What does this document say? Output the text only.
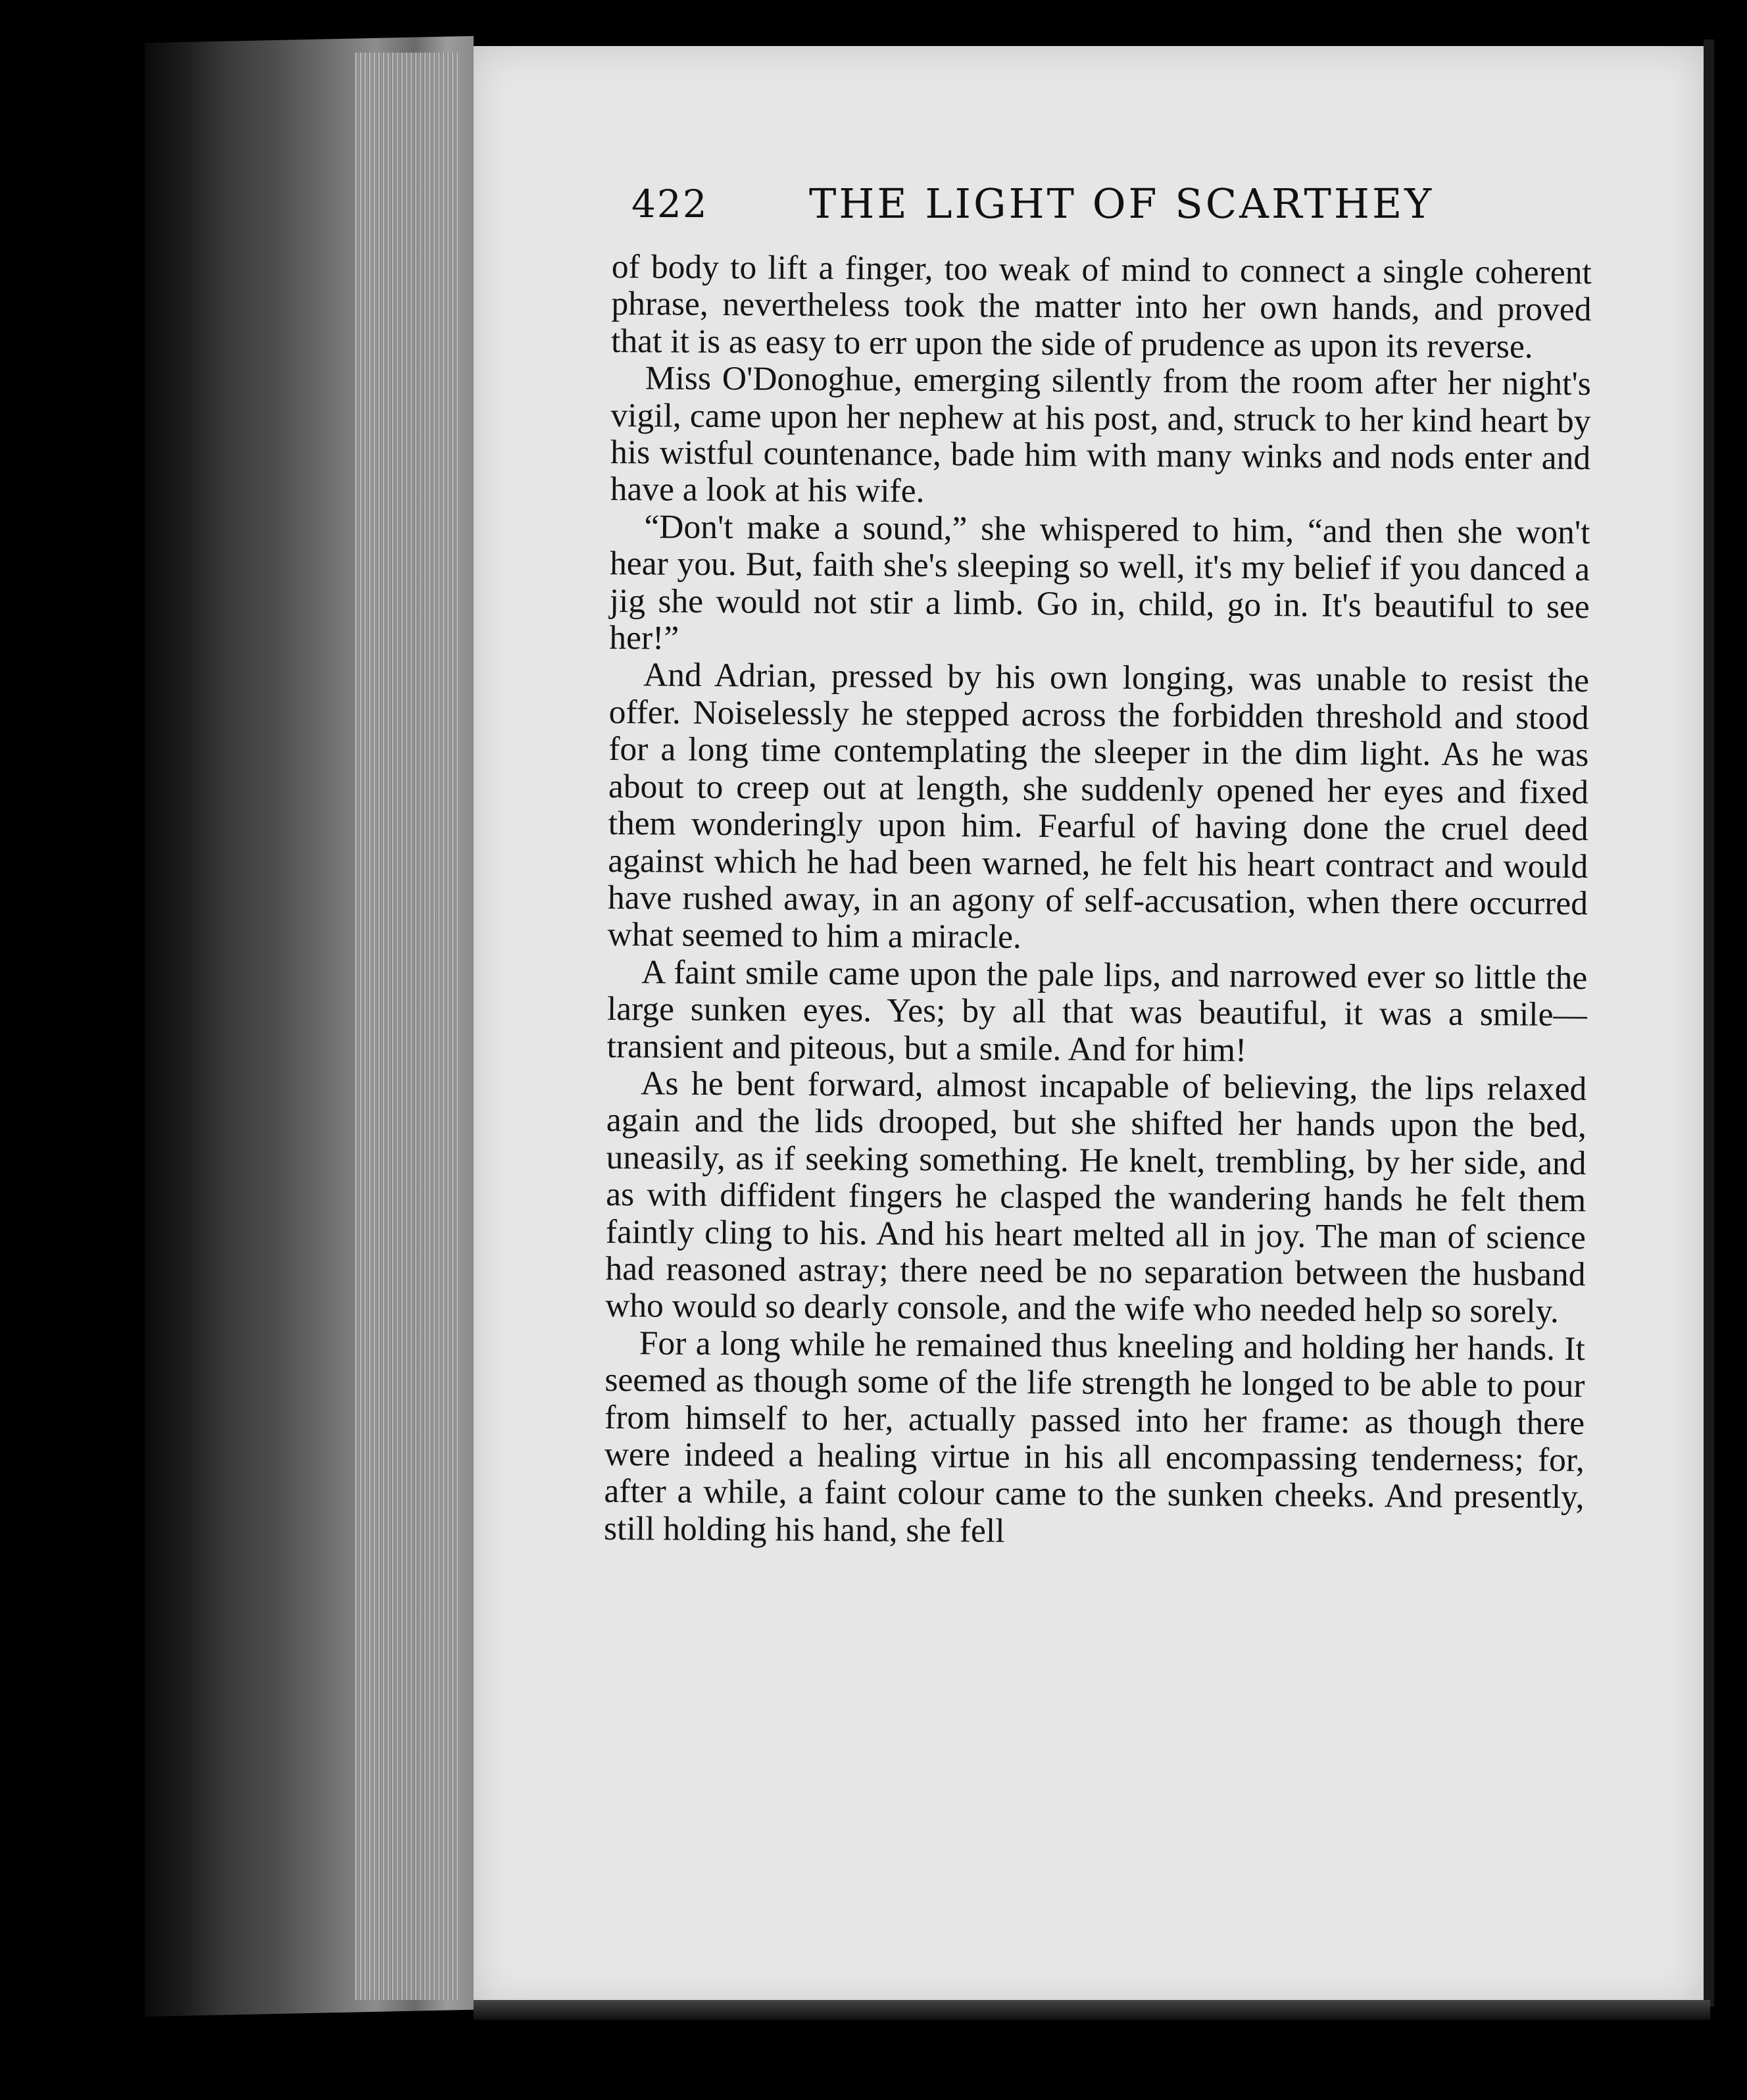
422 THE LIGHT OF SCARTHEY

of body to lift a finger, too weak of mind to connect a single coherent phrase, nevertheless took the matter into her own hands, and proved that it is as easy to err upon the side of prudence as upon its reverse.

Miss O'Donoghue, emerging silently from the room after her night's vigil, came upon her nephew at his post, and, struck to her kind heart by his wistful countenance, bade him with many winks and nods enter and have a look at his wife.

“Don't make a sound,” she whispered to him, “and then she won't hear you. But, faith she's sleeping so well, it's my belief if you danced a jig she would not stir a limb. Go in, child, go in. It's beautiful to see her!”

And Adrian, pressed by his own longing, was unable to resist the offer. Noiselessly he stepped across the forbidden threshold and stood for a long time contemplating the sleeper in the dim light. As he was about to creep out at length, she suddenly opened her eyes and fixed them wonderingly upon him. Fearful of having done the cruel deed against which he had been warned, he felt his heart contract and would have rushed away, in an agony of self-accusation, when there occurred what seemed to him a miracle.

A faint smile came upon the pale lips, and narrowed ever so little the large sunken eyes. Yes; by all that was beautiful, it was a smile—transient and piteous, but a smile. And for him!

As he bent forward, almost incapable of believing, the lips relaxed again and the lids drooped, but she shifted her hands upon the bed, uneasily, as if seeking something. He knelt, trembling, by her side, and as with diffident fingers he clasped the wandering hands he felt them faintly cling to his. And his heart melted all in joy. The man of science had reasoned astray; there need be no separation between the husband who would so dearly console, and the wife who needed help so sorely.

For a long while he remained thus kneeling and holding her hands. It seemed as though some of the life strength he longed to be able to pour from himself to her, actually passed into her frame: as though there were indeed a healing virtue in his all encompassing tenderness; for, after a while, a faint colour came to the sunken cheeks. And presently, still holding his hand, she fell
